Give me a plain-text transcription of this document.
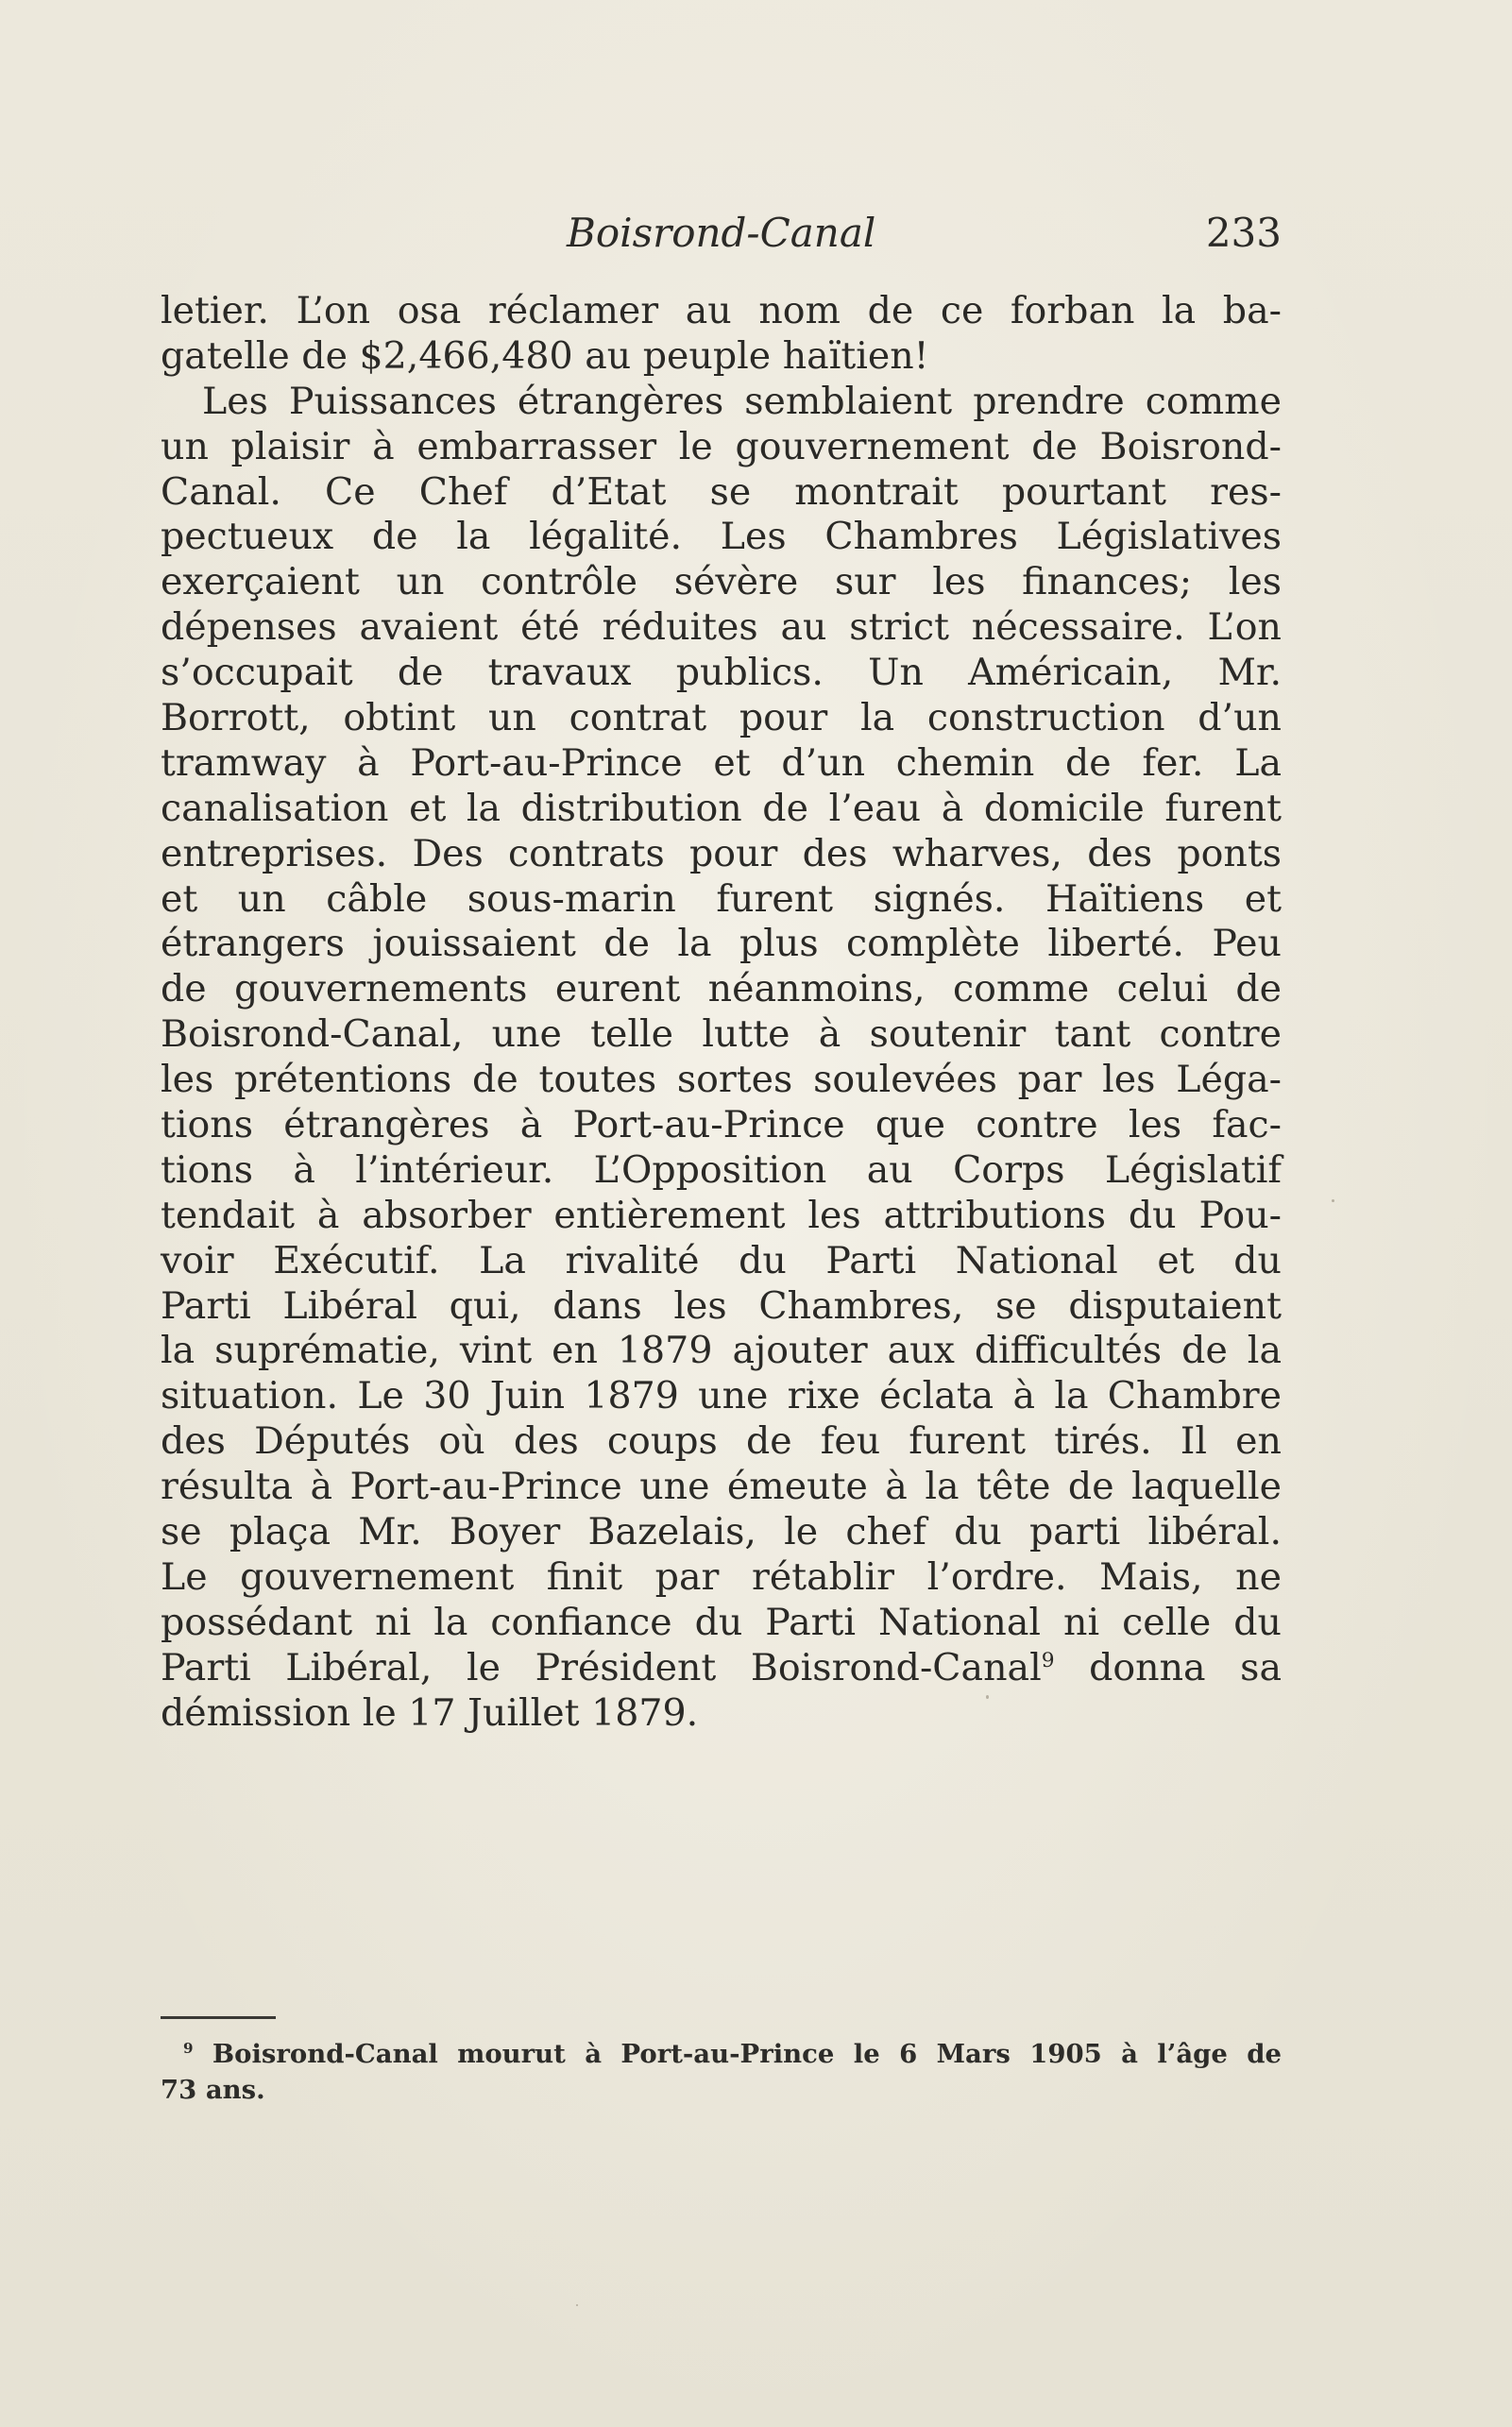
Boisrond-Canal	233
letier. L’on osa réclamer au nom de ce forban la ba-
gatelle de $2,466,480 au peuple haïtien!
Les Puissances étrangères semblaient prendre comme
un plaisir à embarrasser le gouvernement de Boisrond-
Canal. Ce Chef d’Etat se montrait pourtant res-
pectueux de la légalité. Les Chambres Législatives
exerçaient un contrôle sévère sur les finances; les
dépenses avaient été réduites au strict nécessaire. L’on
s’occupait de travaux publics. Un Américain, Mr.
Borrott, obtint un contrat pour la construction d’un
tramway à Port-au-Prince et d’un chemin de fer. La
canalisation et la distribution de l’eau à domicile furent
entreprises. Des contrats pour des wharves, des ponts
et un câble sous-marin furent signés. Haïtiens et
étrangers jouissaient de la plus complète liberté. Peu
de gouvernements eurent néanmoins, comme celui de
Boisrond-Canal, une telle lutte à soutenir tant contre
les prétentions de toutes sortes soulevées par les Léga-
tions étrangères à Port-au-Prince que contre les fac-
tions à l’intérieur. L’Opposition au Corps Législatif
tendait à absorber entièrement les attributions du Pou-
voir Exécutif. La rivalité du Parti National et du
Parti Libéral qui, dans les Chambres, se disputaient
la suprématie, vint en 1879 ajouter aux difficultés de la
situation. Le 30 Juin 1879 une rixe éclata à la Chambre
des Députés où des coups de feu furent tirés. Il en
résulta à Port-au-Prince une émeute à la tête de laquelle
se plaça Mr. Boyer Bazelais, le chef du parti libéral.
Le gouvernement finit par rétablir l’ordre. Mais, ne
possédant ni la confiance du Parti National ni celle du
Parti Libéral, le Président Boisrond-Canal$^9$ donna sa
démission le 17 Juillet 1879.
$^9$ Boisrond-Canal mourut à Port-au-Prince le 6 Mars 1905 à l’âge de
73 ans.
